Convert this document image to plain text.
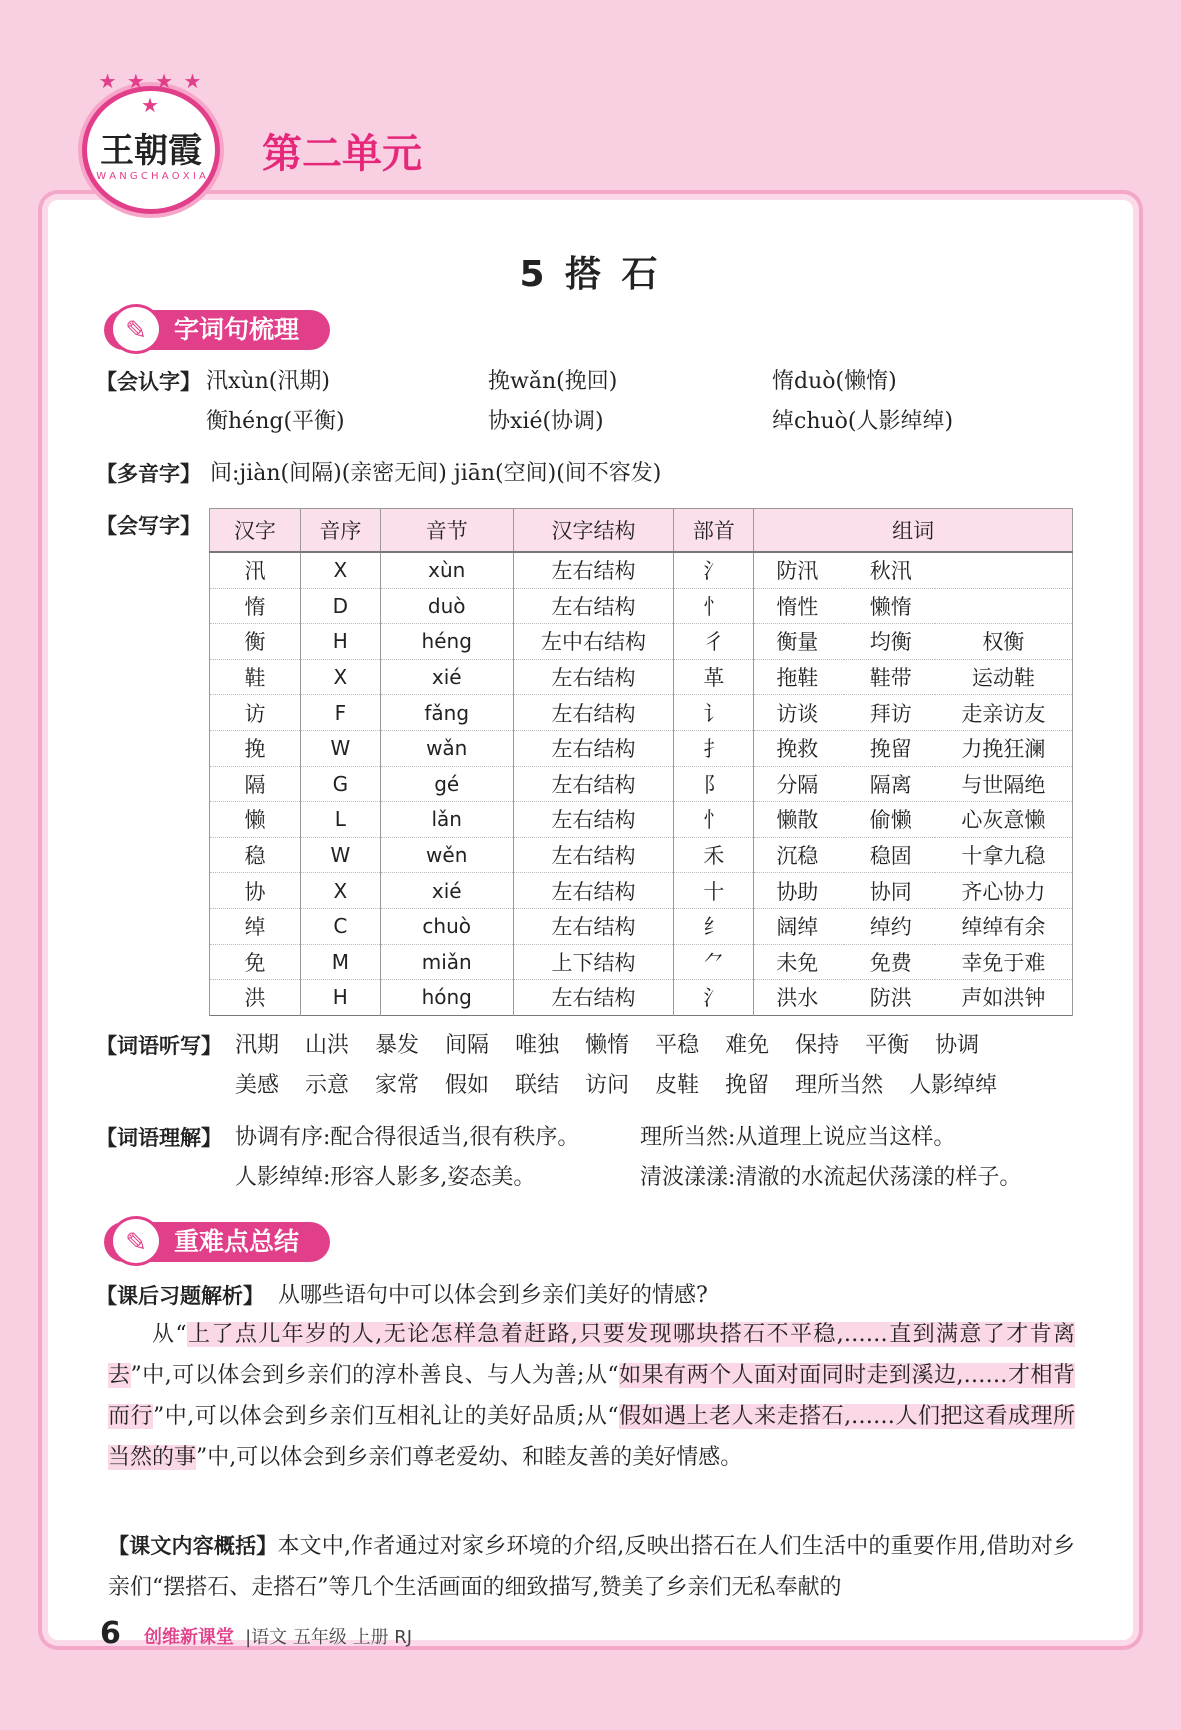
★ ★ ★ ★ ★
王朝霞
W A N G C H A O X I A 第二单元
5 搭 石
✎	字词句梳理
【会认字】 汛xùn(汛期)	挽wǎn(挽回)	惰duò(懒惰)
衡héng(平衡)	协xié(协调)	绰chuò(人影绰绰)
【多音字】 间:jiàn(间隔)(亲密无间) jiān(空间)(间不容发)
【会写字】 汉字	音序	音节	汉字结构	部首	组词		
汛	X	xùn	左右结构	氵	防汛	秋汛	
惰	D	duò	左右结构	忄	惰性	懒惰	
衡	H	héng	左中右结构	彳	衡量	均衡	权衡
鞋	X	xié	左右结构	革	拖鞋	鞋带	运动鞋
访	F	fǎng	左右结构	讠	访谈	拜访	走亲访友
挽	W	wǎn	左右结构	扌	挽救	挽留	力挽狂澜
隔	G	gé	左右结构	阝	分隔	隔离	与世隔绝
懒	L	lǎn	左右结构	忄	懒散	偷懒	心灰意懒
稳	W	wěn	左右结构	禾	沉稳	稳固	十拿九稳
协	X	xié	左右结构	十	协助	协同	齐心协力
绰	C	chuò	左右结构	纟	阔绰	绰约	绰绰有余
免	M	miǎn	上下结构	⺈	未免	免费	幸免于难
洪	H	hóng	左右结构	氵	洪水	防洪	声如洪钟
【词语听写】 汛期 山洪 暴发 间隔 唯独 懒惰 平稳 难免 保持 平衡 协调
美感 示意 家常 假如 联结 访问 皮鞋 挽留 理所当然 人影绰绰
【词语理解】 协调有序:配合得很适当,很有秩序。	理所当然:从道理上说应当这样。
人影绰绰:形容人影多,姿态美。	清波漾漾:清澈的水流起伏荡漾的样子。
✎	重难点总结
【课后习题解析】 从哪些语句中可以体会到乡亲们美好的情感?
从“上了点儿年岁的人,无论怎样急着赶路,只要发现哪块搭石不平稳,……直到满意了才肯离去”中,可以体会到乡亲们的淳朴善良、与人为善;从“如果有两个人面对面同时走到溪边,……才相背而行”中,可以体会到乡亲们互相礼让的美好品质;从“假如遇上老人来走搭石,……人们把这看成理所当然的事”中,可以体会到乡亲们尊老爱幼、和睦友善的美好情感。
【课文内容概括】本文中,作者通过对家乡环境的介绍,反映出搭石在人们生活中的重要作用,借助对乡亲们“摆搭石、走搭石”等几个生活画面的细致描写,赞美了乡亲们无私奉献的
6 创维新课堂 |语文 五年级 上册 RJ
